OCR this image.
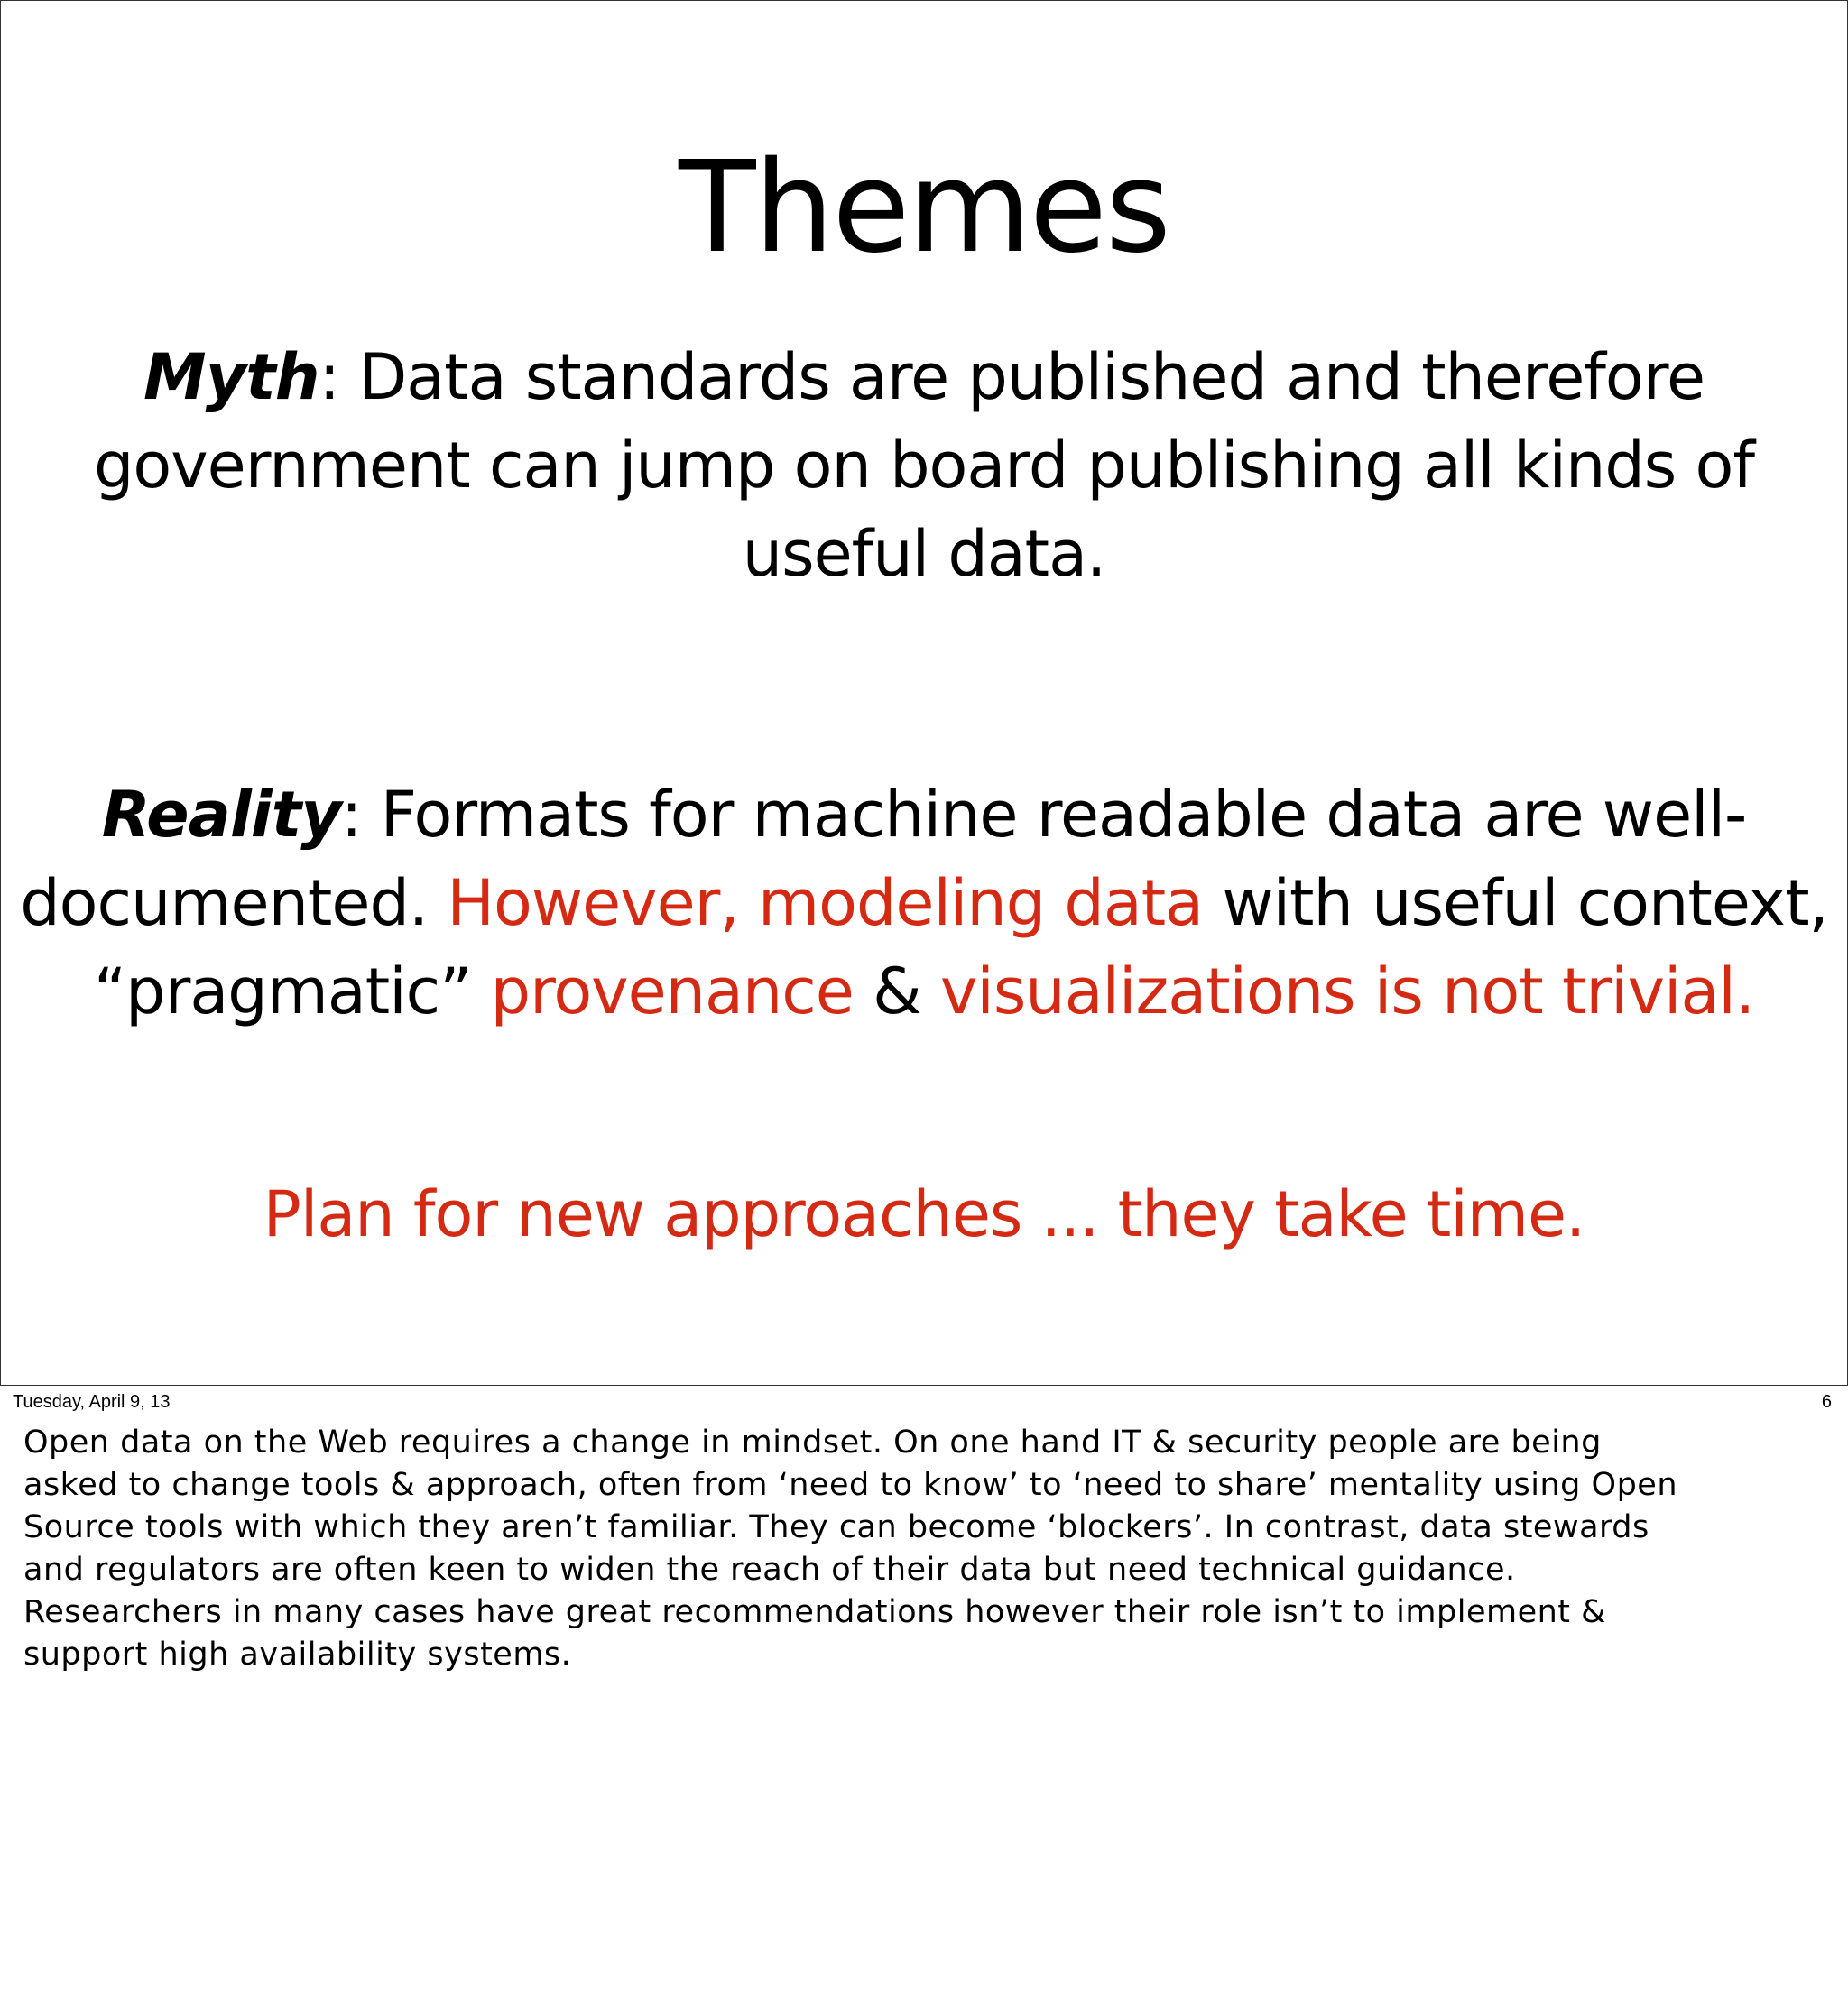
Themes
Myth: Data standards are published and therefore government can jump on board publishing all kinds of useful data.
Reality: Formats for machine readable data are well-documented. However, modeling data with useful context, “pragmatic” provenance & visualizations is not trivial.
Plan for new approaches ... they take time.
Tuesday, April 9, 13	6
Open data on the Web requires a change in mindset. On one hand IT & security people are being
asked to change tools & approach, often from ‘need to know’ to ‘need to share’ mentality using Open
Source tools with which they aren’t familiar. They can become ‘blockers’. In contrast, data stewards
and regulators are often keen to widen the reach of their data but need technical guidance.
Researchers in many cases have great recommendations however their role isn’t to implement &
support high availability systems.
